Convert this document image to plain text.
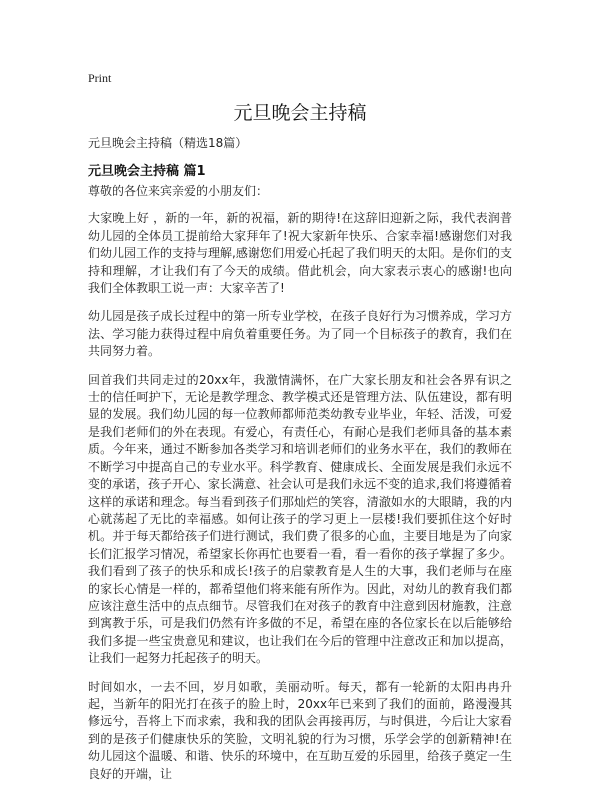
Print
元旦晚会主持稿
元旦晚会主持稿（精选18篇）
元旦晚会主持稿 篇1

尊敬的各位来宾亲爱的小朋友们：

大家晚上好 ，新的一年，新的祝福，新的期待!在这辞旧迎新之际，我代表润普幼儿园的全体员工提前给大家拜年了!祝大家新年快乐、合家幸福!感谢您们对我们幼儿园工作的支持与理解,感谢您们用爱心托起了我们明天的太阳。是你们的支持和理解，才让我们有了今天的成绩。借此机会，向大家表示衷心的感谢!也向我们全体教职工说一声：大家辛苦了!

幼儿园是孩子成长过程中的第一所专业学校，在孩子良好行为习惯养成，学习方法、学习能力获得过程中肩负着重要任务。为了同一个目标孩子的教育，我们在共同努力着。

回首我们共同走过的20xx年，我激情满怀，在广大家长朋友和社会各界有识之士的信任呵护下，无论是教学理念、教学模式还是管理方法、队伍建设，都有明显的发展。我们幼儿园的每一位教师都师范类幼教专业毕业，年轻、活泼，可爱是我们老师们的外在表现。有爱心，有责任心，有耐心是我们老师具备的基本素质。今年来，通过不断参加各类学习和培训老师们的业务水平在，我们的教师在不断学习中提高自己的专业水平。科学教育、健康成长、全面发展是我们永远不变的承诺，孩子开心、家长满意、社会认可是我们永远不变的追求,我们将遵循着这样的承诺和理念。每当看到孩子们那灿烂的笑容，清澈如水的大眼睛，我的内心就荡起了无比的幸福感。如何让孩子的学习更上一层楼!我们要抓住这个好时机。并于每天都给孩子们进行测试，我们费了很多的心血，主要目地是为了向家长们汇报学习情况，希望家长你再忙也要看一看，看一看你的孩子掌握了多少。我们看到了孩子的快乐和成长!孩子的启蒙教育是人生的大事，我们老师与在座的家长心情是一样的，都希望他们将来能有所作为。因此，对幼儿的教育我们都应该注意生活中的点点细节。尽管我们在对孩子的教育中注意到因材施教，注意到寓教于乐，可是我们仍然有许多做的不足，希望在座的各位家长在以后能够给我们多提一些宝贵意见和建议，也让我们在今后的管理中注意改正和加以提高，让我们一起努力托起孩子的明天。

时间如水，一去不回，岁月如歌，美丽动听。每天，都有一轮新的太阳冉冉升起，当新年的阳光打在孩子的脸上时，20xx年已来到了我们的面前，路漫漫其修远兮，吾将上下而求索，我和我的团队会再接再厉，与时俱进，今后让大家看到的是孩子们健康快乐的笑脸，文明礼貌的行为习惯，乐学会学的创新精神!在幼儿园这个温暖、和谐、快乐的环境中，在互助互爱的乐园里，给孩子奠定一生良好的开端，让
